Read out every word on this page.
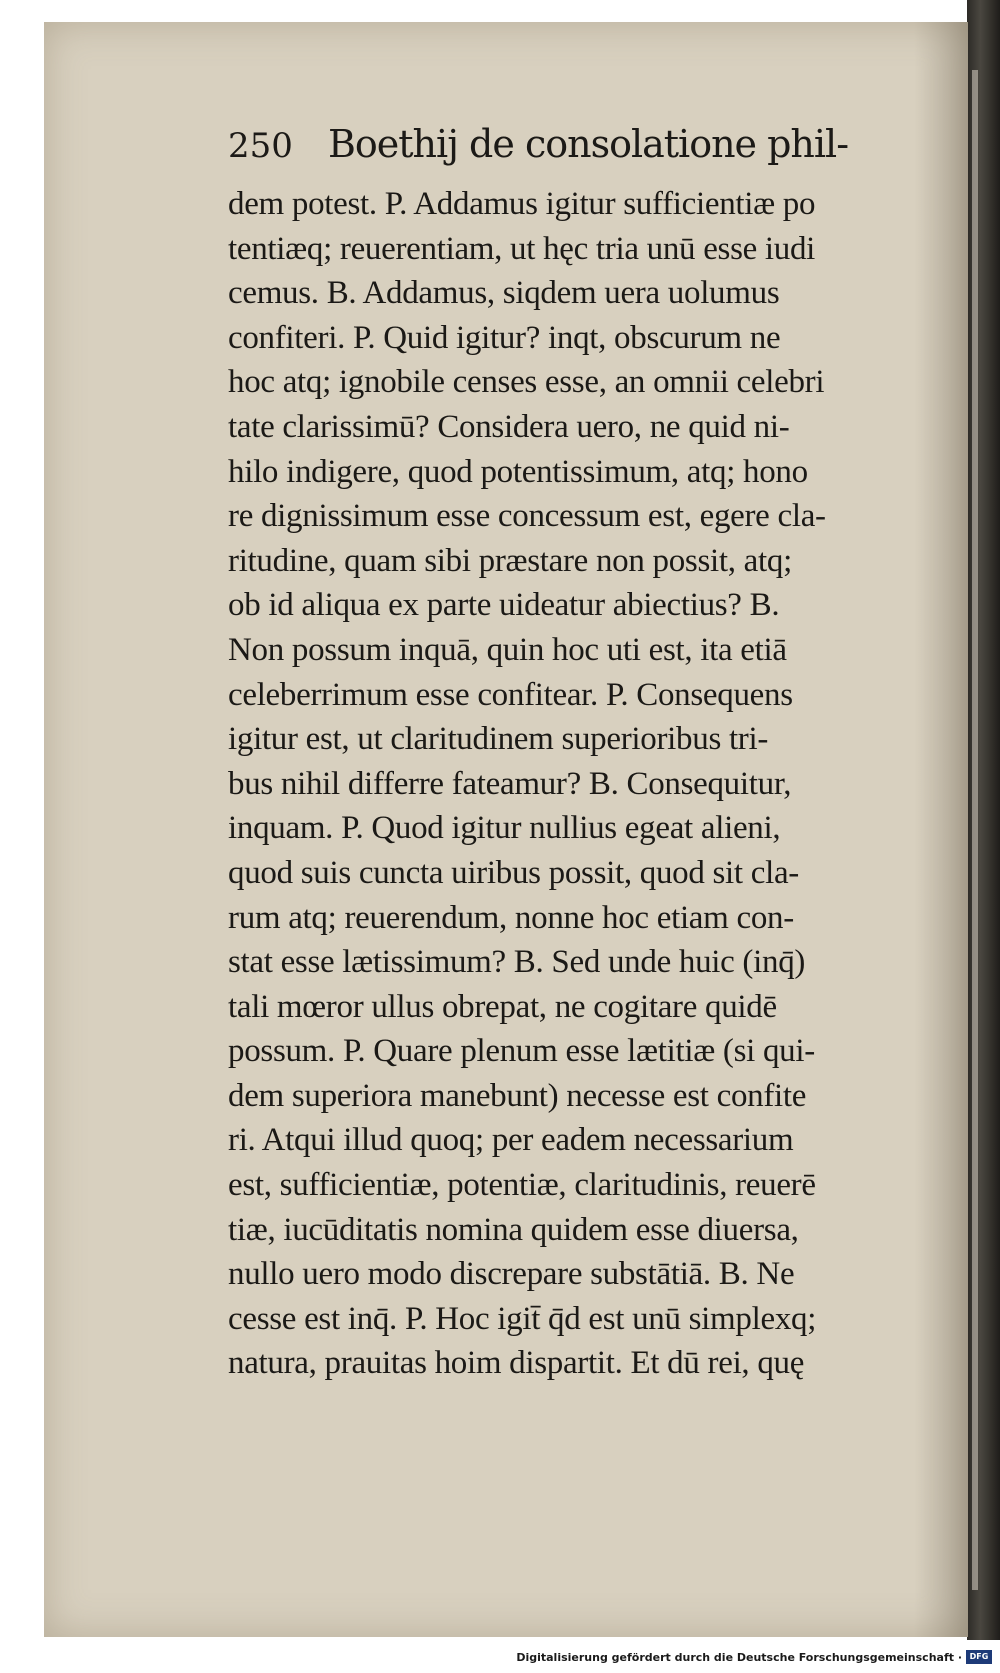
250 Boethij de consolatione phil-
dem potest. P. Addamus igitur sufficientiæ po
tentiæq; reuerentiam, ut hęc tria unū esse iudi
cemus. B. Addamus, siqdem uera uolumus
confiteri. P. Quid igitur? inqt, obscurum ne
hoc atq; ignobile censes esse, an omnii celebri
tate clarissimū? Considera uero, ne quid ni-
hilo indigere, quod potentissimum, atq; hono
re dignissimum esse concessum est, egere cla-
ritudine, quam sibi præstare non possit, atq;
ob id aliqua ex parte uideatur abiectius? B.
Non possum inquā, quin hoc uti est, ita etiā
celeberrimum esse confitear. P. Consequens
igitur est, ut claritudinem superioribus tri-
bus nihil differre fateamur? B. Consequitur,
inquam. P. Quod igitur nullius egeat alieni,
quod suis cuncta uiribus possit, quod sit cla-
rum atq; reuerendum, nonne hoc etiam con-
stat esse lætissimum? B. Sed unde huic (inq̄)
tali mœror ullus obrepat, ne cogitare quidē
possum. P. Quare plenum esse lætitiæ (si qui-
dem superiora manebunt) necesse est confite
ri. Atqui illud quoq; per eadem necessarium
est, sufficientiæ, potentiæ, claritudinis, reuerē
tiæ, iucūditatis nomina quidem esse diuersa,
nullo uero modo discrepare substātiā. B. Ne
cesse est inq̄. P. Hoc igit̄ q̄d est unū simplexq;
natura, prauitas hoim dispartit. Et dū rei, quę
Digitalisierung gefördert durch die Deutsche Forschungsgemeinschaft · DFG
